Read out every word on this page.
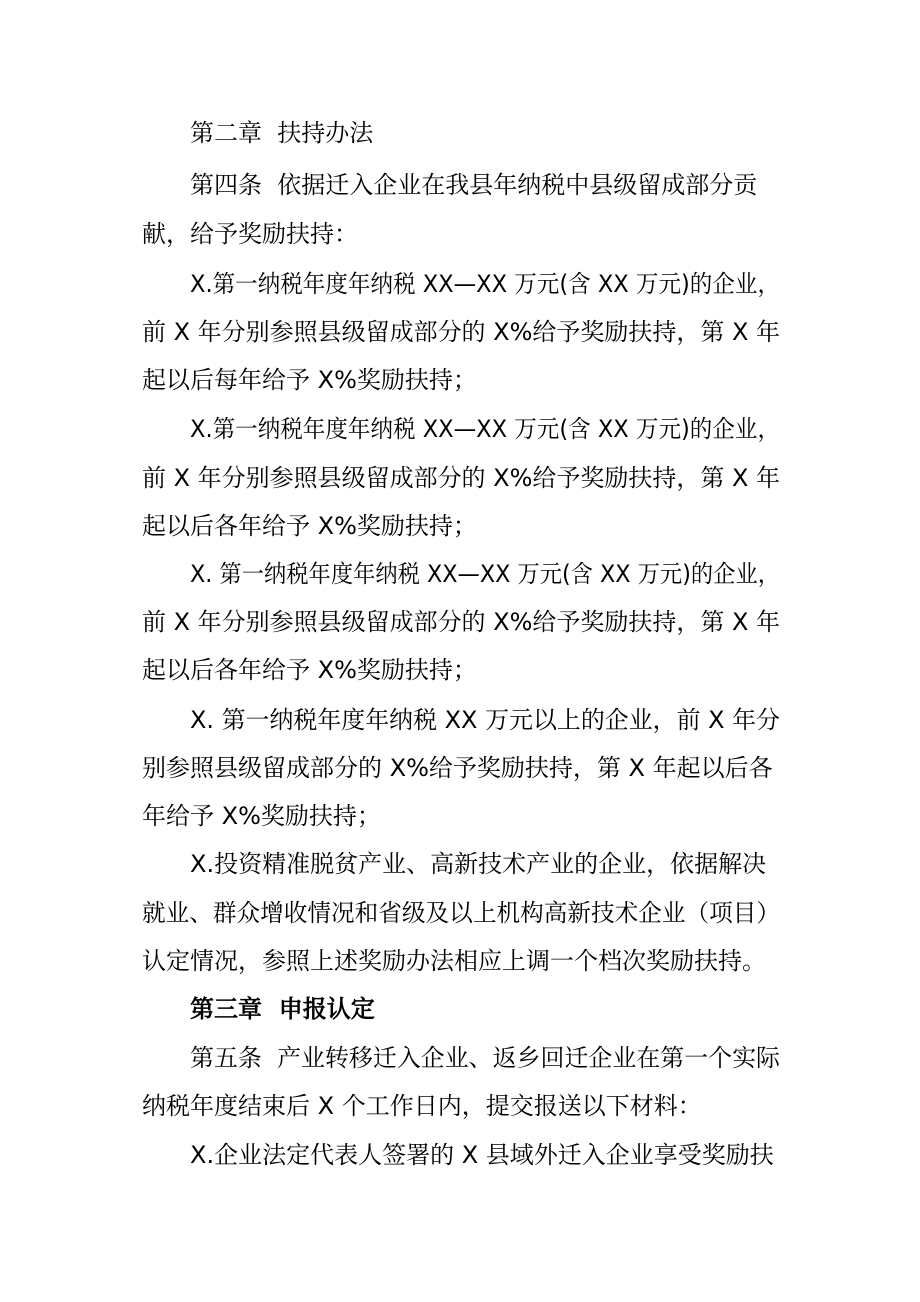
第二章  扶持办法
第四条  依据迁入企业在我县年纳税中县级留成部分贡
献，给予奖励扶持：
X.第一纳税年度年纳税 XX—XX 万元(含 XX 万元)的企业，
前 X 年分别参照县级留成部分的 X%给予奖励扶持，第 X 年
起以后每年给予 X%奖励扶持；
X.第一纳税年度年纳税 XX—XX 万元(含 XX 万元)的企业，
前 X 年分别参照县级留成部分的 X%给予奖励扶持，第 X 年
起以后各年给予 X%奖励扶持；
X. 第一纳税年度年纳税 XX—XX 万元(含 XX 万元)的企业，
前 X 年分别参照县级留成部分的 X%给予奖励扶持，第 X 年
起以后各年给予 X%奖励扶持；
X. 第一纳税年度年纳税 XX 万元以上的企业，前 X 年分
别参照县级留成部分的 X%给予奖励扶持，第 X 年起以后各
年给予 X%奖励扶持；
X.投资精准脱贫产业、高新技术产业的企业，依据解决
就业、群众增收情况和省级及以上机构高新技术企业（项目）
认定情况，参照上述奖励办法相应上调一个档次奖励扶持。
第三章  申报认定
第五条  产业转移迁入企业、返乡回迁企业在第一个实际
纳税年度结束后 X 个工作日内，提交报送以下材料：
X.企业法定代表人签署的 X 县域外迁入企业享受奖励扶
